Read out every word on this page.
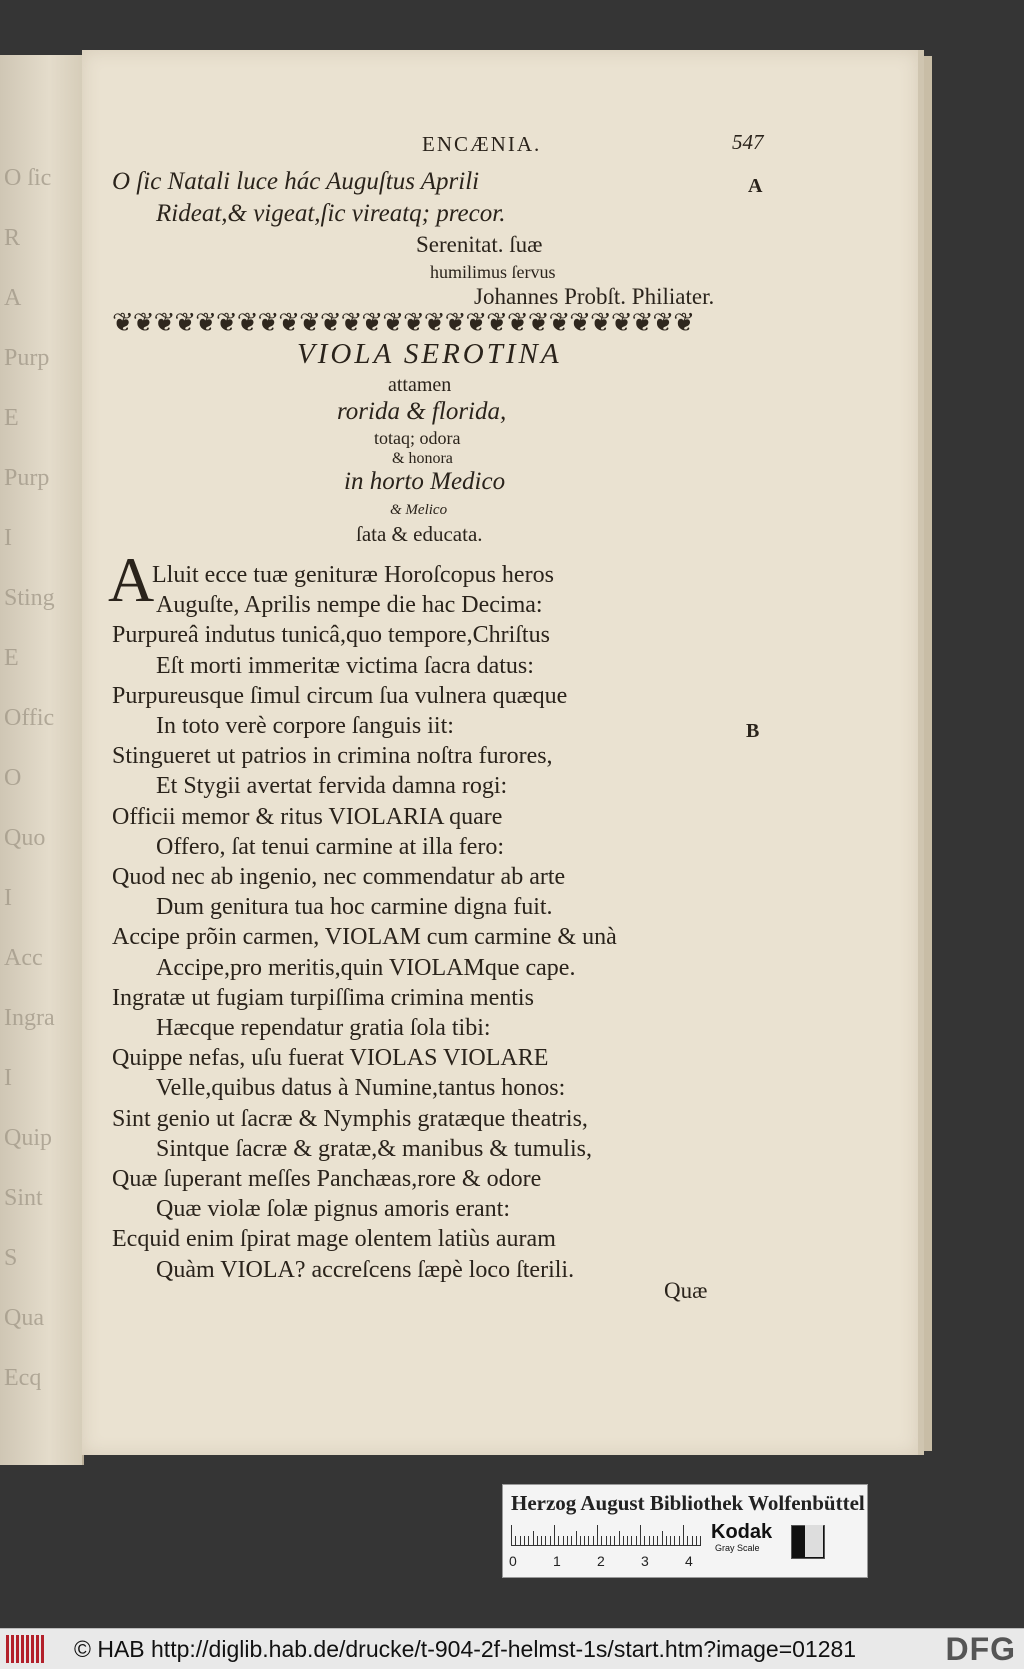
O ſic
R
A
Purp
E
Purp
I
Sting
E
Offic
O
Quo
I
Acc
Ingra
I
Quip
Sint
S
Qua
Ecq
ENCÆNIA.	547
A
B
O ſic Natali luce hác Auguſtus Aprili
Rideat,& vigeat,ſic vireatq; precor.
Serenitat. ſuæ
humilimus ſervus
Johannes Probſt. Philiater.
❦❦❦❦❦❦❦❦❦❦❦❦❦❦❦❦❦❦❦❦❦❦❦❦❦❦❦❦
VIOLA SEROTINA
attamen
rorida & florida,
totaq; odora
& honora
in horto Medico
& Melico
ſata & educata.
A
Lluit ecce tuæ genituræ Horoſcopus heros
Auguſte, Aprilis nempe die hac Decima:
Purpureâ indutus tunicâ,quo tempore,Chriſtus
Eſt morti immeritæ victima ſacra datus:
Purpureusque ſimul circum ſua vulnera quæque
In toto verè corpore ſanguis iit:
Stingueret ut patrios in crimina noſtra furores,
Et Stygii avertat fervida damna rogi:
Officii memor & ritus VIOLARIA quare
Offero, ſat tenui carmine at illa fero:
Quod nec ab ingenio, nec commendatur ab arte
Dum genitura tua hoc carmine digna fuit.
Accipe prõin carmen, VIOLAM cum carmine & unà
Accipe,pro meritis,quin VIOLAMque cape.
Ingratæ ut fugiam turpiſſima crimina mentis
Hæcque rependatur gratia ſola tibi:
Quippe nefas, uſu fuerat VIOLAS VIOLARE
Velle,quibus datus à Numine,tantus honos:
Sint genio ut ſacræ & Nymphis gratæque theatris,
Sintque ſacræ & gratæ,& manibus & tumulis,
Quæ ſuperant meſſes Panchæas,rore & odore
Quæ violæ ſolæ pignus amoris erant:
Ecquid enim ſpirat mage olentem latiùs auram
Quàm VIOLA? accreſcens ſæpè loco ſterili.
Quæ
Herzog August Bibliothek Wolfenbüttel
0	1	2	3	4
Kodak
Gray Scale
© HAB http://diglib.hab.de/drucke/t-904-2f-helmst-1s/start.htm?image=01281	DFG
